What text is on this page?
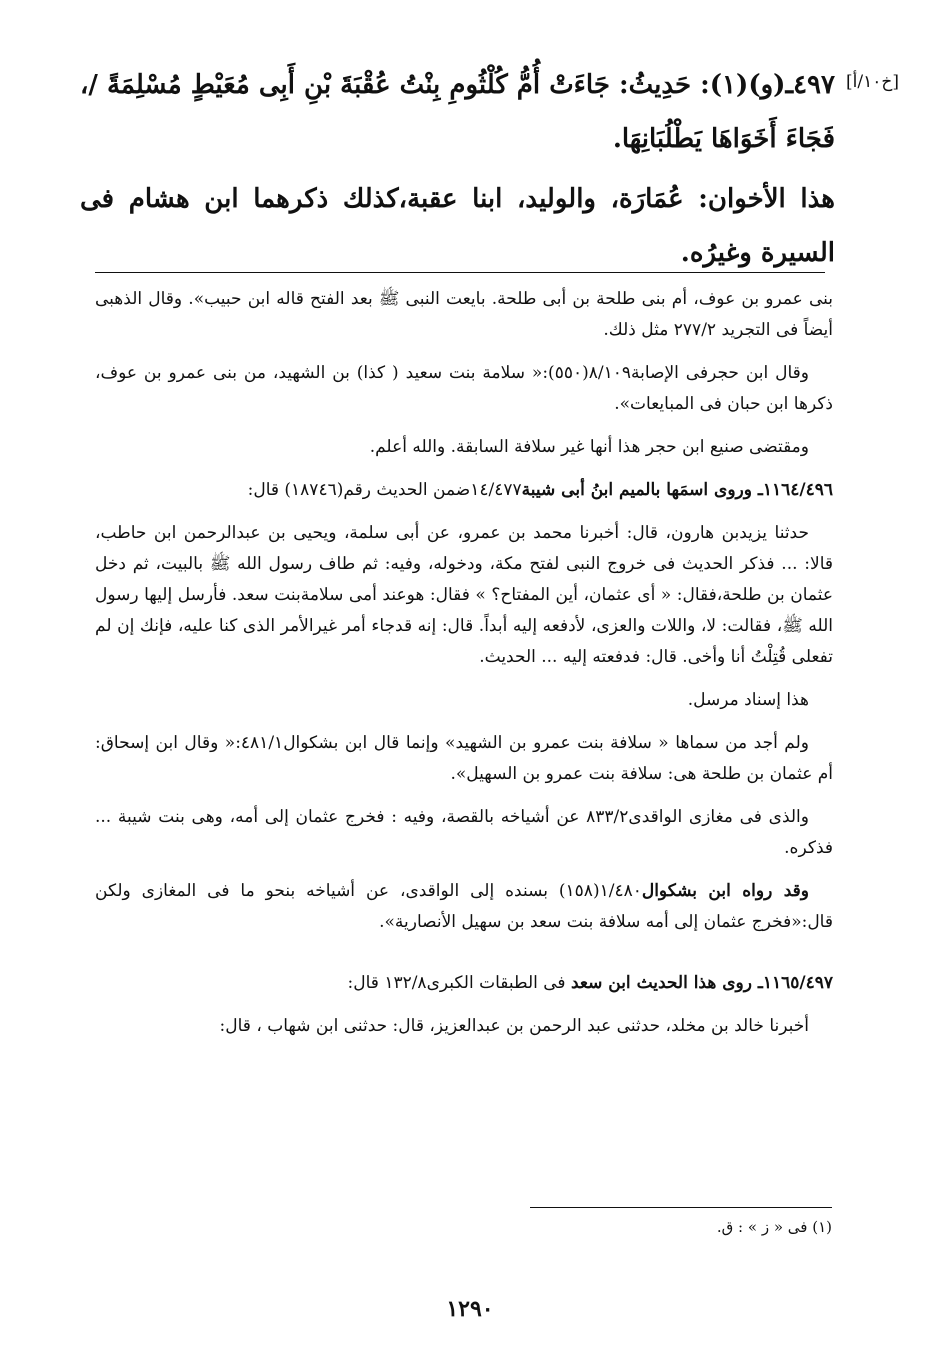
[خ١٠/أ]

٤٩٧ـ(و)(١): حَدِيثُ: جَاءَتْ أُمُّ كُلْثُومِ بِنْتُ عُقْبَةَ بْنِ أَبِى مُعَيْطٍ مُسْلِمَةً /، فَجَاءَ أَخَوَاهَا يَطْلُبَانِهَا.

هذا الأخوان: عُمَارَة، والوليد، ابنا عقبة،كذلك ذكرهما ابن هشام فى السيرة وغيرُه.

بنى عمرو بن عوف، أم بنى طلحة بن أبى طلحة. بايعت النبى ﷺ بعد الفتح قاله ابن حبيب». وقال الذهبى أيضاً فى التجريد ٢٧٧/٢ مثل ذلك.

وقال ابن حجرفى الإصابة٨/١٠٩(٥٥٠):« سلامة بنت سعيد ( كذا) بن الشهيد، من بنى عمرو بن عوف، ذكرها ابن حبان فى المبايعات».

ومقتضى صنيع ابن حجر هذا أنها غير سلافة السابقة. والله أعلم.

١١٦٤/٤٩٦ـ وروى اسمَها بالميم ابنُ أبى شيبة١٤/٤٧٧ضمن الحديث رقم(١٨٧٤٦) قال:

حدثنا يزيدبن هارون، قال: أخبرنا محمد بن عمرو، عن أبى سلمة، ويحيى بن عبدالرحمن ابن حاطب، قالا: ... فذكر الحديث فى خروج النبى لفتح مكة، ودخوله، وفيه: ثم طاف رسول الله ﷺ بالبيت، ثم دخل عثمان بن طلحة،فقال: « أى عثمان، أين المفتاح؟ » فقال: هوعند أمى سلامةبنت سعد. فأرسل إليها رسول الله ﷺ، فقالت: لا، واللات والعزى، لأدفعه إليه أبداً. قال: إنه قدجاء أمر غيرالأمر الذى كنا عليه، فإنك إن لم تفعلى قُتِلْتُ أنا وأخى. قال: فدفعته إليه ... الحديث.

هذا إسناد مرسل.

ولم أجد من سماها « سلافة بنت عمرو بن الشهيد» وإنما قال ابن بشكوال٤٨١/١:« وقال ابن إسحاق: أم عثمان بن طلحة هى: سلافة بنت عمرو بن السهيل».

والذى فى مغازى الواقدى٨٣٣/٢ عن أشياخه بالقصة، وفيه : فخرج عثمان إلى أمه، وهى بنت شيبة ... فذكره.

وقد رواه ابن بشكوال١/٤٨٠(١٥٨) بسنده إلى الواقدى، عن أشياخه بنحو ما فى المغازى ولكن قال:«فخرج عثمان إلى أمه سلافة بنت سعد بن سهيل الأنصارية».

١١٦٥/٤٩٧ـ روى هذا الحديث ابن سعد فى الطبقات الكبرى١٣٢/٨ قال:

أخبرنا خالد بن مخلد، حدثنى عبد الرحمن بن عبدالعزيز، قال: حدثنى ابن شهاب ، قال:

(١) فى « ز » : ق.
١٢٩٠
